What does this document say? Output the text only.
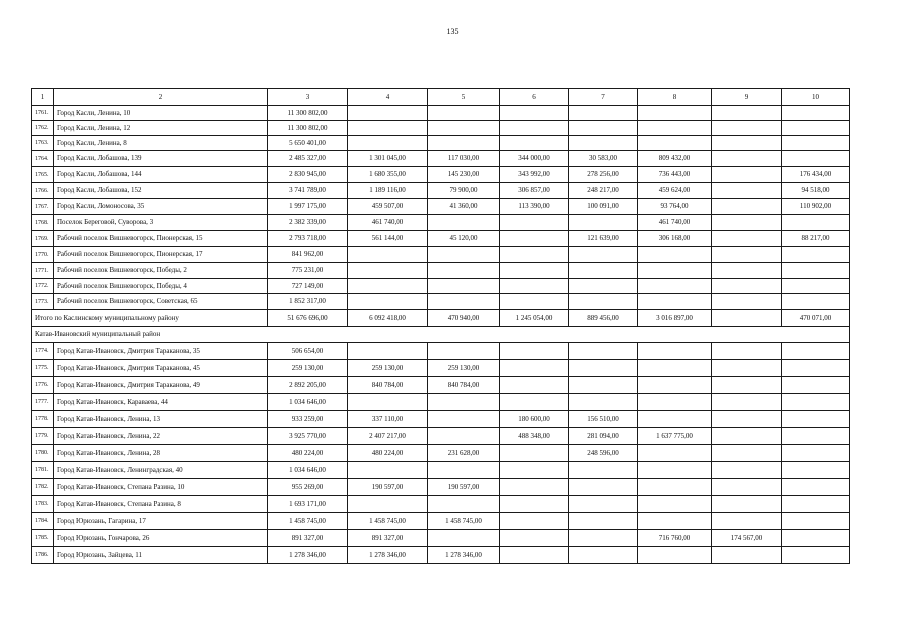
135
1	2	3	4	5	6	7	8	9	10
1761.	Город Касли, Ленина, 10	11 300 802,00							
1762.	Город Касли, Ленина, 12	11 300 802,00							
1763.	Город Касли, Ленина, 8	5 650 401,00							
1764.	Город Касли, Лобашова, 139	2 485 327,00	1 301 045,00	117 030,00	344 000,00	30 583,00	809 432,00		
1765.	Город Касли, Лобашова, 144	2 830 945,00	1 680 355,00	145 230,00	343 992,00	278 256,00	736 443,00		176 434,00
1766.	Город Касли, Лобашова, 152	3 741 789,00	1 189 116,00	79 900,00	306 857,00	248 217,00	459 624,00		94 518,00
1767.	Город Касли, Ломоносова, 35	1 997 175,00	459 507,00	41 360,00	113 390,00	100 091,00	93 764,00		110 902,00
1768.	Поселок Береговой, Суворова, 3	2 382 339,00	461 740,00				461 740,00		
1769.	Рабочий поселок Вишневогорск, Пионерская, 15	2 793 718,00	561 144,00	45 120,00		121 639,00	306 168,00		88 217,00
1770.	Рабочий поселок Вишневогорск, Пионерская, 17	841 962,00							
1771.	Рабочий поселок Вишневогорск, Победы, 2	775 231,00							
1772.	Рабочий поселок Вишневогорск, Победы, 4	727 149,00							
1773.	Рабочий поселок Вишневогорск, Советская, 65	1 852 317,00							
Итого по Каслинскому муниципальному району		51 676 696,00	6 092 418,00	470 940,00	1 245 054,00	889 456,00	3 016 897,00		470 071,00
Катав-Ивановский муниципальный район									
1774.	Город Катав-Ивановск, Дмитрия Тараканова, 35	506 654,00							
1775.	Город Катав-Ивановск, Дмитрия Тараканова, 45	259 130,00	259 130,00	259 130,00					
1776.	Город Катав-Ивановск, Дмитрия Тараканова, 49	2 892 205,00	840 784,00	840 784,00					
1777.	Город Катав-Ивановск, Караваева, 44	1 034 646,00							
1778.	Город Катав-Ивановск, Ленина, 13	933 259,00	337 110,00		180 600,00	156 510,00			
1779.	Город Катав-Ивановск, Ленина, 22	3 925 770,00	2 407 217,00		488 348,00	281 094,00	1 637 775,00		
1780.	Город Катав-Ивановск, Ленина, 28	480 224,00	480 224,00	231 628,00		248 596,00			
1781.	Город Катав-Ивановск, Ленинградская, 40	1 034 646,00							
1782.	Город Катав-Ивановск, Степана Разина, 10	955 269,00	190 597,00	190 597,00					
1783.	Город Катав-Ивановск, Степана Разина, 8	1 693 171,00							
1784.	Город Юрюзань, Гагарина, 17	1 458 745,00	1 458 745,00	1 458 745,00					
1785.	Город Юрюзань, Гончарова, 26	891 327,00	891 327,00				716 760,00	174 567,00	
1786.	Город Юрюзань, Зайцева, 11	1 278 346,00	1 278 346,00	1 278 346,00					
